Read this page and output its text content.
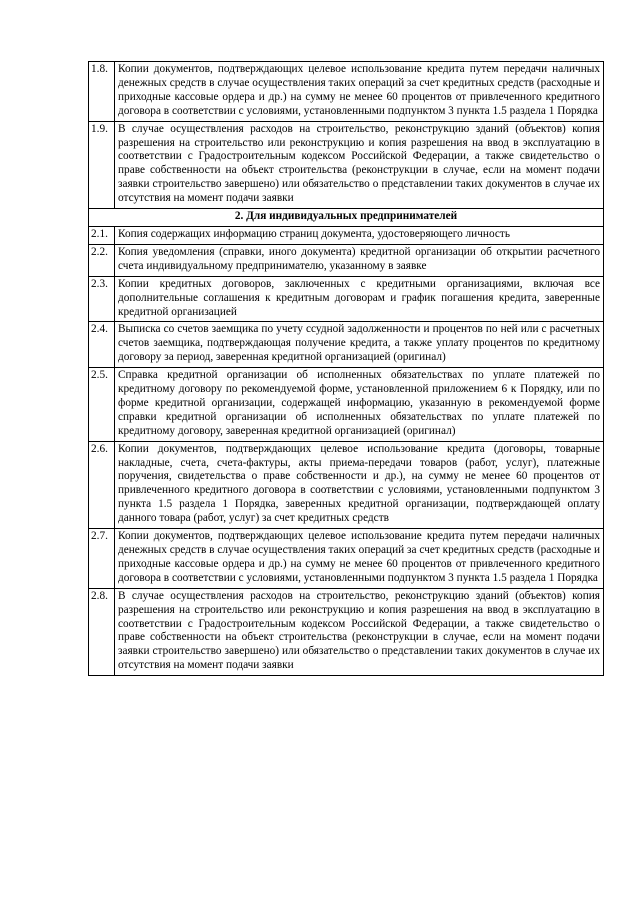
1.8.	Копии документов, подтверждающих целевое использование кредита путем передачи наличных денежных средств в случае осуществления таких операций за счет кредитных средств (расходные и приходные кассовые ордера и др.) на сумму не менее 60 процентов от привлеченного кредитного договора в соответствии с условиями, установленными подпунктом 3 пункта 1.5 раздела 1 Порядка
1.9.	В случае осуществления расходов на строительство, реконструкцию зданий (объектов) копия разрешения на строительство или реконструкцию и копия разрешения на ввод в эксплуатацию в соответствии с Градостроительным кодексом Российской Федерации, а также свидетельство о праве собственности на объект строительства (реконструкции в случае, если на момент подачи заявки строительство завершено) или обязательство о представлении таких документов в случае их отсутствия на момент подачи заявки
2. Для индивидуальных предпринимателей	
2.1.	Копия содержащих информацию страниц документа, удостоверяющего личность
2.2.	Копия уведомления (справки, иного документа) кредитной организации об открытии расчетного счета индивидуальному предпринимателю, указанному в заявке
2.3.	Копии кредитных договоров, заключенных с кредитными организациями, включая все дополнительные соглашения к кредитным договорам и график погашения кредита, заверенные кредитной организацией
2.4.	Выписка со счетов заемщика по учету ссудной задолженности и процентов по ней или с расчетных счетов заемщика, подтверждающая получение кредита, а также уплату процентов по кредитному договору за период, заверенная кредитной организацией (оригинал)
2.5.	Справка кредитной организации об исполненных обязательствах по уплате платежей по кредитному договору по рекомендуемой форме, установленной приложением 6 к Порядку, или по форме кредитной организации, содержащей информацию, указанную в рекомендуемой форме справки кредитной организации об исполненных обязательствах по уплате платежей по кредитному договору, заверенная кредитной организацией (оригинал)
2.6.	Копии документов, подтверждающих целевое использование кредита (договоры, товарные накладные, счета, счета-фактуры, акты приема-передачи товаров (работ, услуг), платежные поручения, свидетельства о праве собственности и др.), на сумму не менее 60 процентов от привлеченного кредитного договора в соответствии с условиями, установленными подпунктом 3 пункта 1.5 раздела 1 Порядка, заверенных кредитной организации, подтверждающей оплату данного товара (работ, услуг) за счет кредитных средств
2.7.	Копии документов, подтверждающих целевое использование кредита путем передачи наличных денежных средств в случае осуществления таких операций за счет кредитных средств (расходные и приходные кассовые ордера и др.) на сумму не менее 60 процентов от привлеченного кредитного договора в соответствии с условиями, установленными подпунктом 3 пункта 1.5 раздела 1 Порядка
2.8.	В случае осуществления расходов на строительство, реконструкцию зданий (объектов) копия разрешения на строительство или реконструкцию и копия разрешения на ввод в эксплуатацию в соответствии с Градостроительным кодексом Российской Федерации, а также свидетельство о праве собственности на объект строительства (реконструкции в случае, если на момент подачи заявки строительство завершено) или обязательство о представлении таких документов в случае их отсутствия на момент подачи заявки
